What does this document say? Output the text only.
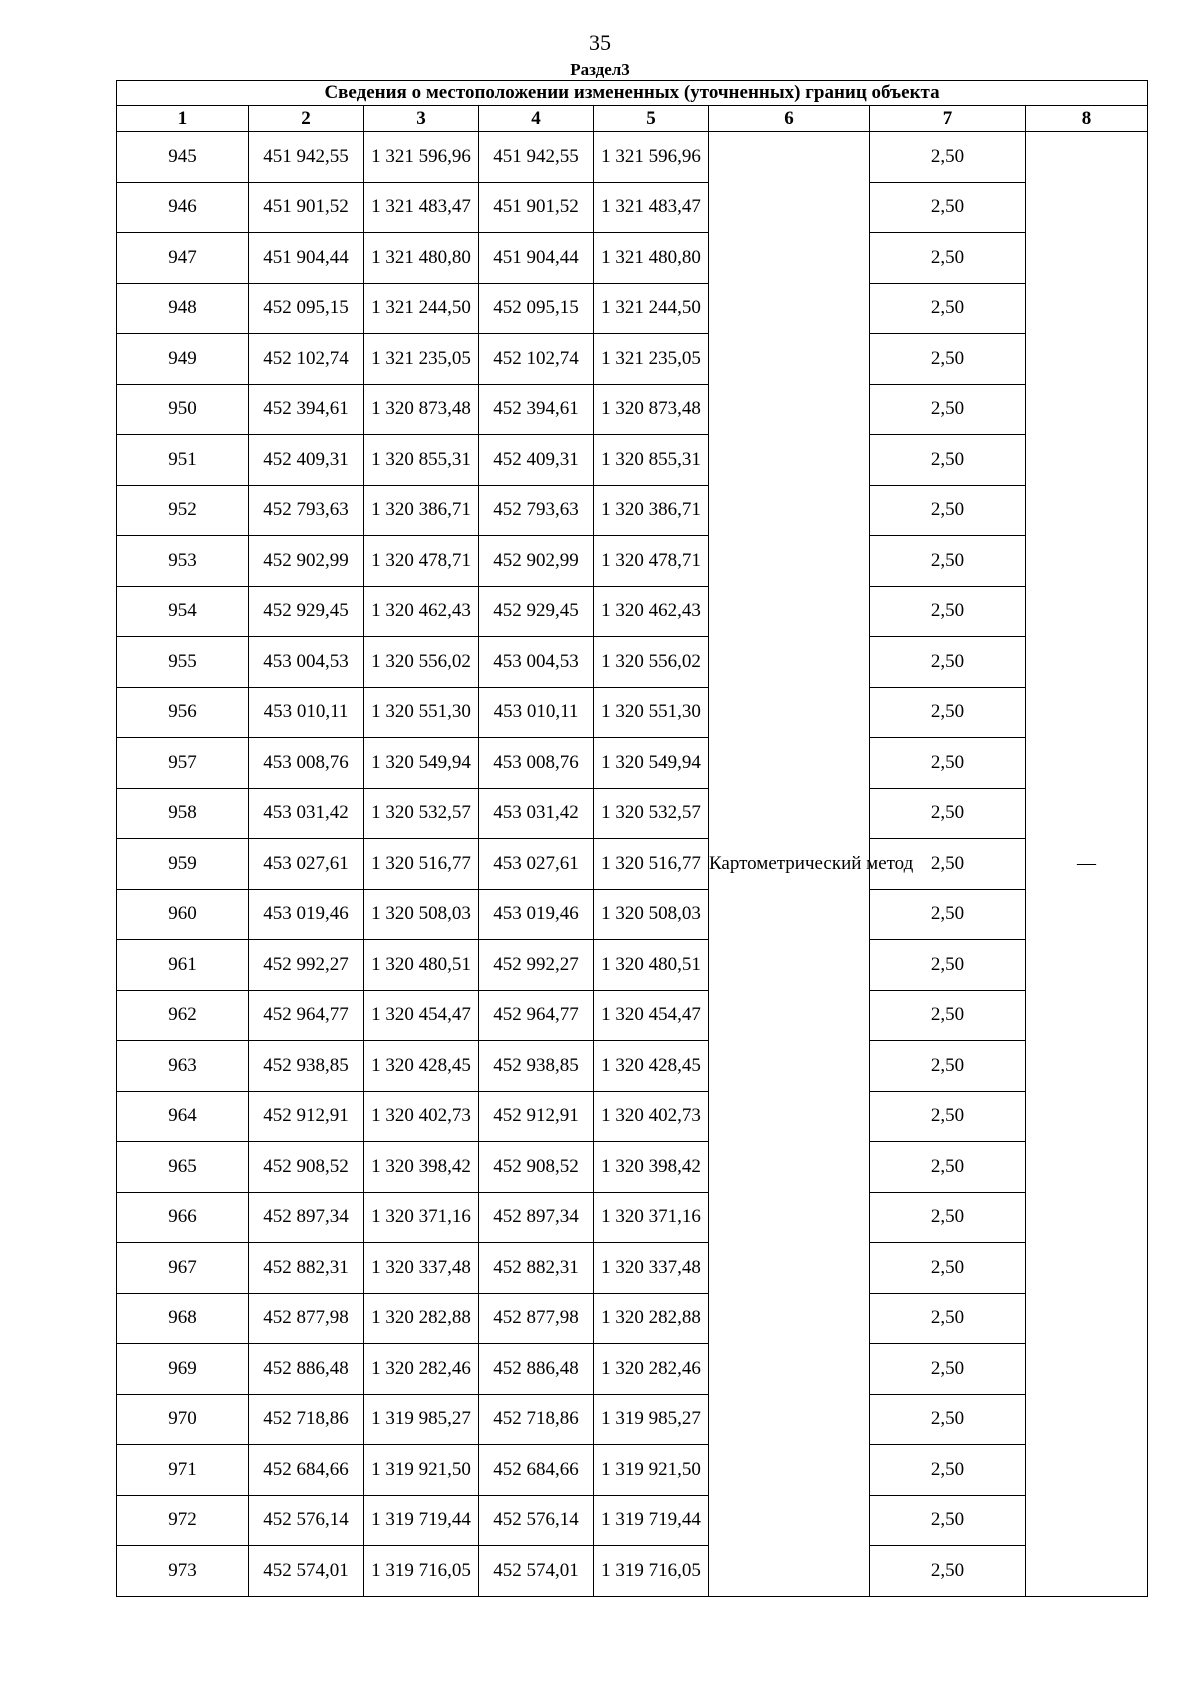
35
Раздел3
Сведения о местоположении измененных (уточненных) границ объекта							
1	2	3	4	5	6	7	8
945	451 942,55	1 321 596,96	451 942,55	1 321 596,96	Картометрический метод	2,50	—
946	451 901,52	1 321 483,47	451 901,52	1 321 483,47		2,50	
947	451 904,44	1 321 480,80	451 904,44	1 321 480,80		2,50	
948	452 095,15	1 321 244,50	452 095,15	1 321 244,50		2,50	
949	452 102,74	1 321 235,05	452 102,74	1 321 235,05		2,50	
950	452 394,61	1 320 873,48	452 394,61	1 320 873,48		2,50	
951	452 409,31	1 320 855,31	452 409,31	1 320 855,31		2,50	
952	452 793,63	1 320 386,71	452 793,63	1 320 386,71		2,50	
953	452 902,99	1 320 478,71	452 902,99	1 320 478,71		2,50	
954	452 929,45	1 320 462,43	452 929,45	1 320 462,43		2,50	
955	453 004,53	1 320 556,02	453 004,53	1 320 556,02		2,50	
956	453 010,11	1 320 551,30	453 010,11	1 320 551,30		2,50	
957	453 008,76	1 320 549,94	453 008,76	1 320 549,94		2,50	
958	453 031,42	1 320 532,57	453 031,42	1 320 532,57		2,50	
959	453 027,61	1 320 516,77	453 027,61	1 320 516,77		2,50	
960	453 019,46	1 320 508,03	453 019,46	1 320 508,03		2,50	
961	452 992,27	1 320 480,51	452 992,27	1 320 480,51		2,50	
962	452 964,77	1 320 454,47	452 964,77	1 320 454,47		2,50	
963	452 938,85	1 320 428,45	452 938,85	1 320 428,45		2,50	
964	452 912,91	1 320 402,73	452 912,91	1 320 402,73		2,50	
965	452 908,52	1 320 398,42	452 908,52	1 320 398,42		2,50	
966	452 897,34	1 320 371,16	452 897,34	1 320 371,16		2,50	
967	452 882,31	1 320 337,48	452 882,31	1 320 337,48		2,50	
968	452 877,98	1 320 282,88	452 877,98	1 320 282,88		2,50	
969	452 886,48	1 320 282,46	452 886,48	1 320 282,46		2,50	
970	452 718,86	1 319 985,27	452 718,86	1 319 985,27		2,50	
971	452 684,66	1 319 921,50	452 684,66	1 319 921,50		2,50	
972	452 576,14	1 319 719,44	452 576,14	1 319 719,44		2,50	
973	452 574,01	1 319 716,05	452 574,01	1 319 716,05		2,50	
